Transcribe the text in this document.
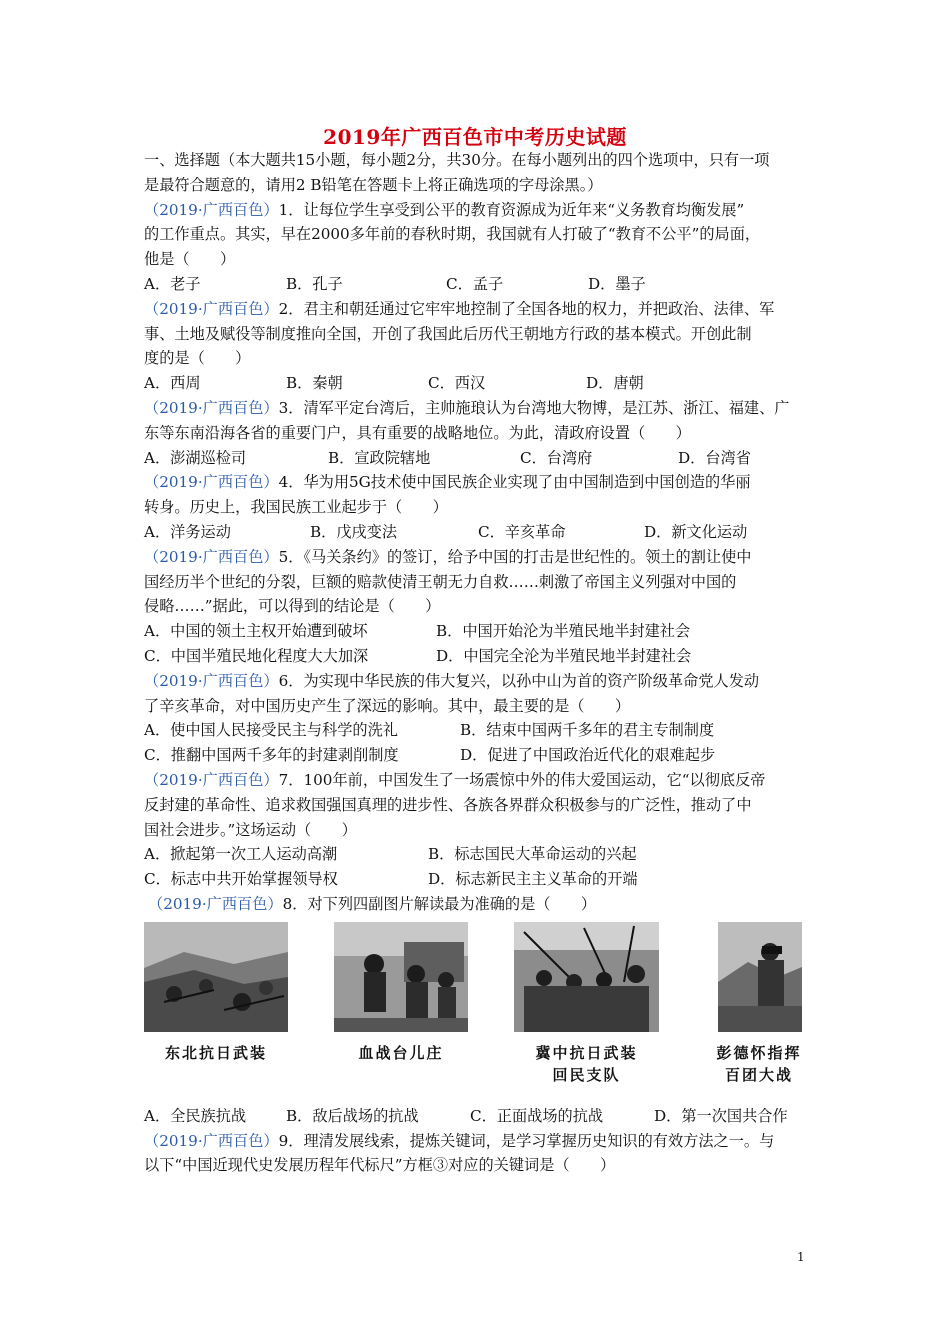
2019年广西百色市中考历史试题
一、选择题（本大题共15小题，每小题2分，共30分。在每小题列出的四个选项中，只有一项
是最符合题意的，请用2 B铅笔在答题卡上将正确选项的字母涂黑。）
（2019·广西百色）1．让每位学生享受到公平的教育资源成为近年来“义务教育均衡发展”
的工作重点。其实，早在2000多年前的春秋时期，我国就有人打破了“教育不公平”的局面，
他是（　　）
A．老子	B．孔子	C．孟子	D．墨子
（2019·广西百色）2．君主和朝廷通过它牢牢地控制了全国各地的权力，并把政治、法律、军
事、土地及赋役等制度推向全国，开创了我国此后历代王朝地方行政的基本模式。开创此制
度的是（　　）
A．西周	B．秦朝	C．西汉	D．唐朝
（2019·广西百色）3．清军平定台湾后，主帅施琅认为台湾地大物博，是江苏、浙江、福建、广
东等东南沿海各省的重要门户，具有重要的战略地位。为此，清政府设置（　　）
A．澎湖巡检司	B．宣政院辖地	C．台湾府	D．台湾省
（2019·广西百色）4．华为用5G技术使中国民族企业实现了由中国制造到中国创造的华丽
转身。历史上，我国民族工业起步于（　　）
A．洋务运动	B．戊戌变法	C．辛亥革命	D．新文化运动
（2019·广西百色）5．《马关条约》的签订，给予中国的打击是世纪性的。领土的割让使中
国经历半个世纪的分裂，巨额的赔款使清王朝无力自救……刺激了帝国主义列强对中国的
侵略……”据此，可以得到的结论是（　　）
A．中国的领土主权开始遭到破坏	B．中国开始沦为半殖民地半封建社会
C．中国半殖民地化程度大大加深	D．中国完全沦为半殖民地半封建社会
（2019·广西百色）6．为实现中华民族的伟大复兴，以孙中山为首的资产阶级革命党人发动
了辛亥革命，对中国历史产生了深远的影响。其中，最主要的是（　　）
A．使中国人民接受民主与科学的洗礼	B．结束中国两千多年的君主专制制度
C．推翻中国两千多年的封建剥削制度	D．促进了中国政治近代化的艰难起步
（2019·广西百色）7．100年前，中国发生了一场震惊中外的伟大爱国运动，它“以彻底反帝
反封建的革命性、追求救国强国真理的进步性、各族各界群众积极参与的广泛性，推动了中
国社会进步。”这场运动（　　）
A．掀起第一次工人运动高潮	B．标志国民大革命运动的兴起
C．标志中共开始掌握领导权	D．标志新民主主义革命的开端
（2019·广西百色）8．对下列四副图片解读最为准确的是（　　）
东北抗日武装	血战台儿庄	冀中抗日武装
回民支队
彭德怀指挥
百团大战
A．全民族抗战	B．敌后战场的抗战	C．正面战场的抗战	D．第一次国共合作
（2019·广西百色）9．理清发展线索，提炼关键词，是学习掌握历史知识的有效方法之一。与
以下“中国近现代史发展历程年代标尺”方框③对应的关键词是（　　）
1
